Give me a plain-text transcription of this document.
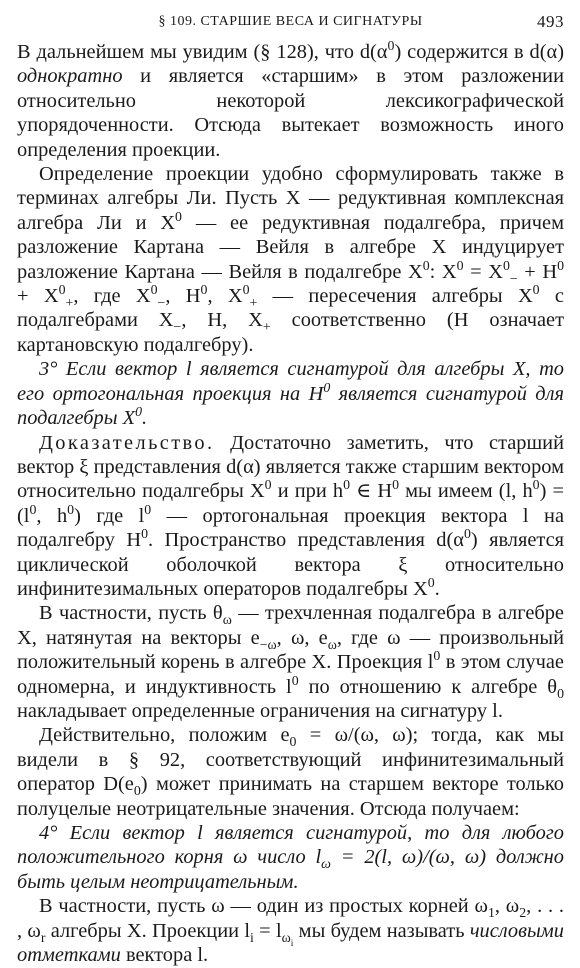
§ 109. СТАРШИЕ ВЕСА И СИГНАТУРЫ	493

В дальнейшем мы увидим (§ 128), что $d(\alpha^0)$ содержится в d(α) однократно и является «старшим» в этом разложении относительно некоторой лексикографической упорядоченности. Отсюда вытекает возможность иного определения проекции.

Определение проекции удобно сформулировать также в терминах алгебры Ли. Пусть X — редуктивная комплексная алгебра Ли и $X^0$ — ее редуктивная подалгебра, причем разложение Картана — Вейля в алгебре X индуцирует разложение Картана — Вейля в подалгебре $X^0$: $X^0 = X^0_- + H^0 + X^0_+$, где $X^0_-$, $H^0$, $X^0_+$ — пересечения алгебры $X^0$ с подалгебрами $X_-$, H, $X_+$ соответственно (H означает картановскую подалгебру).

3° Если вектор l является сигнатурой для алгебры X, то его ортогональная проекция на $H^0$ является сигнатурой для подалгебры $X^0$.

Доказательство. Достаточно заметить, что старший вектор ξ представления d(α) является также старшим вектором относительно подалгебры $X^0$ и при $h^0$ ∈ $H^0$ мы имеем (l, $h^0) = (l^0$, $h^0$) где $l^0$ — ортогональная проекция вектора l на подалгебру $H^0$. Пространство представления $d(\alpha^0)$ является циклической оболочкой вектора ξ относительно инфинитезимальных операторов подалгебры $X^0$.

В частности, пусть $\theta_\omega$ — трехчленная подалгебра в алгебре X, натянутая на векторы $e_{-\omega}$, ω, $e_\omega$, где ω — произвольный положительный корень в алгебре X. Проекция $l^0$ в этом случае одномерна, и индуктивность $l^0$ по отношению к алгебре $\theta_0$ накладывает определенные ограничения на сигнатуру l.

Действительно, положим $e_0 = \omega/(\omega$, ω); тогда, как мы видели в § 92, соответствующий инфинитезимальный оператор $D(e_0)$ может принимать на старшем векторе только полуцелые неотрицательные значения. Отсюда получаем:

4° Если вектор l является сигнатурой, то для любого положительного корня ω число $l_\omega = 2(l$, ω)/(ω, ω) должно быть целым неотрицательным.

В частности, пусть ω — один из простых корней $\omega_1$, $\omega_2$, . . . , $\omega_r$ алгебры X. Проекции $l_i = l_{\omega_i}$ мы будем называть числовыми отметками вектора l.
